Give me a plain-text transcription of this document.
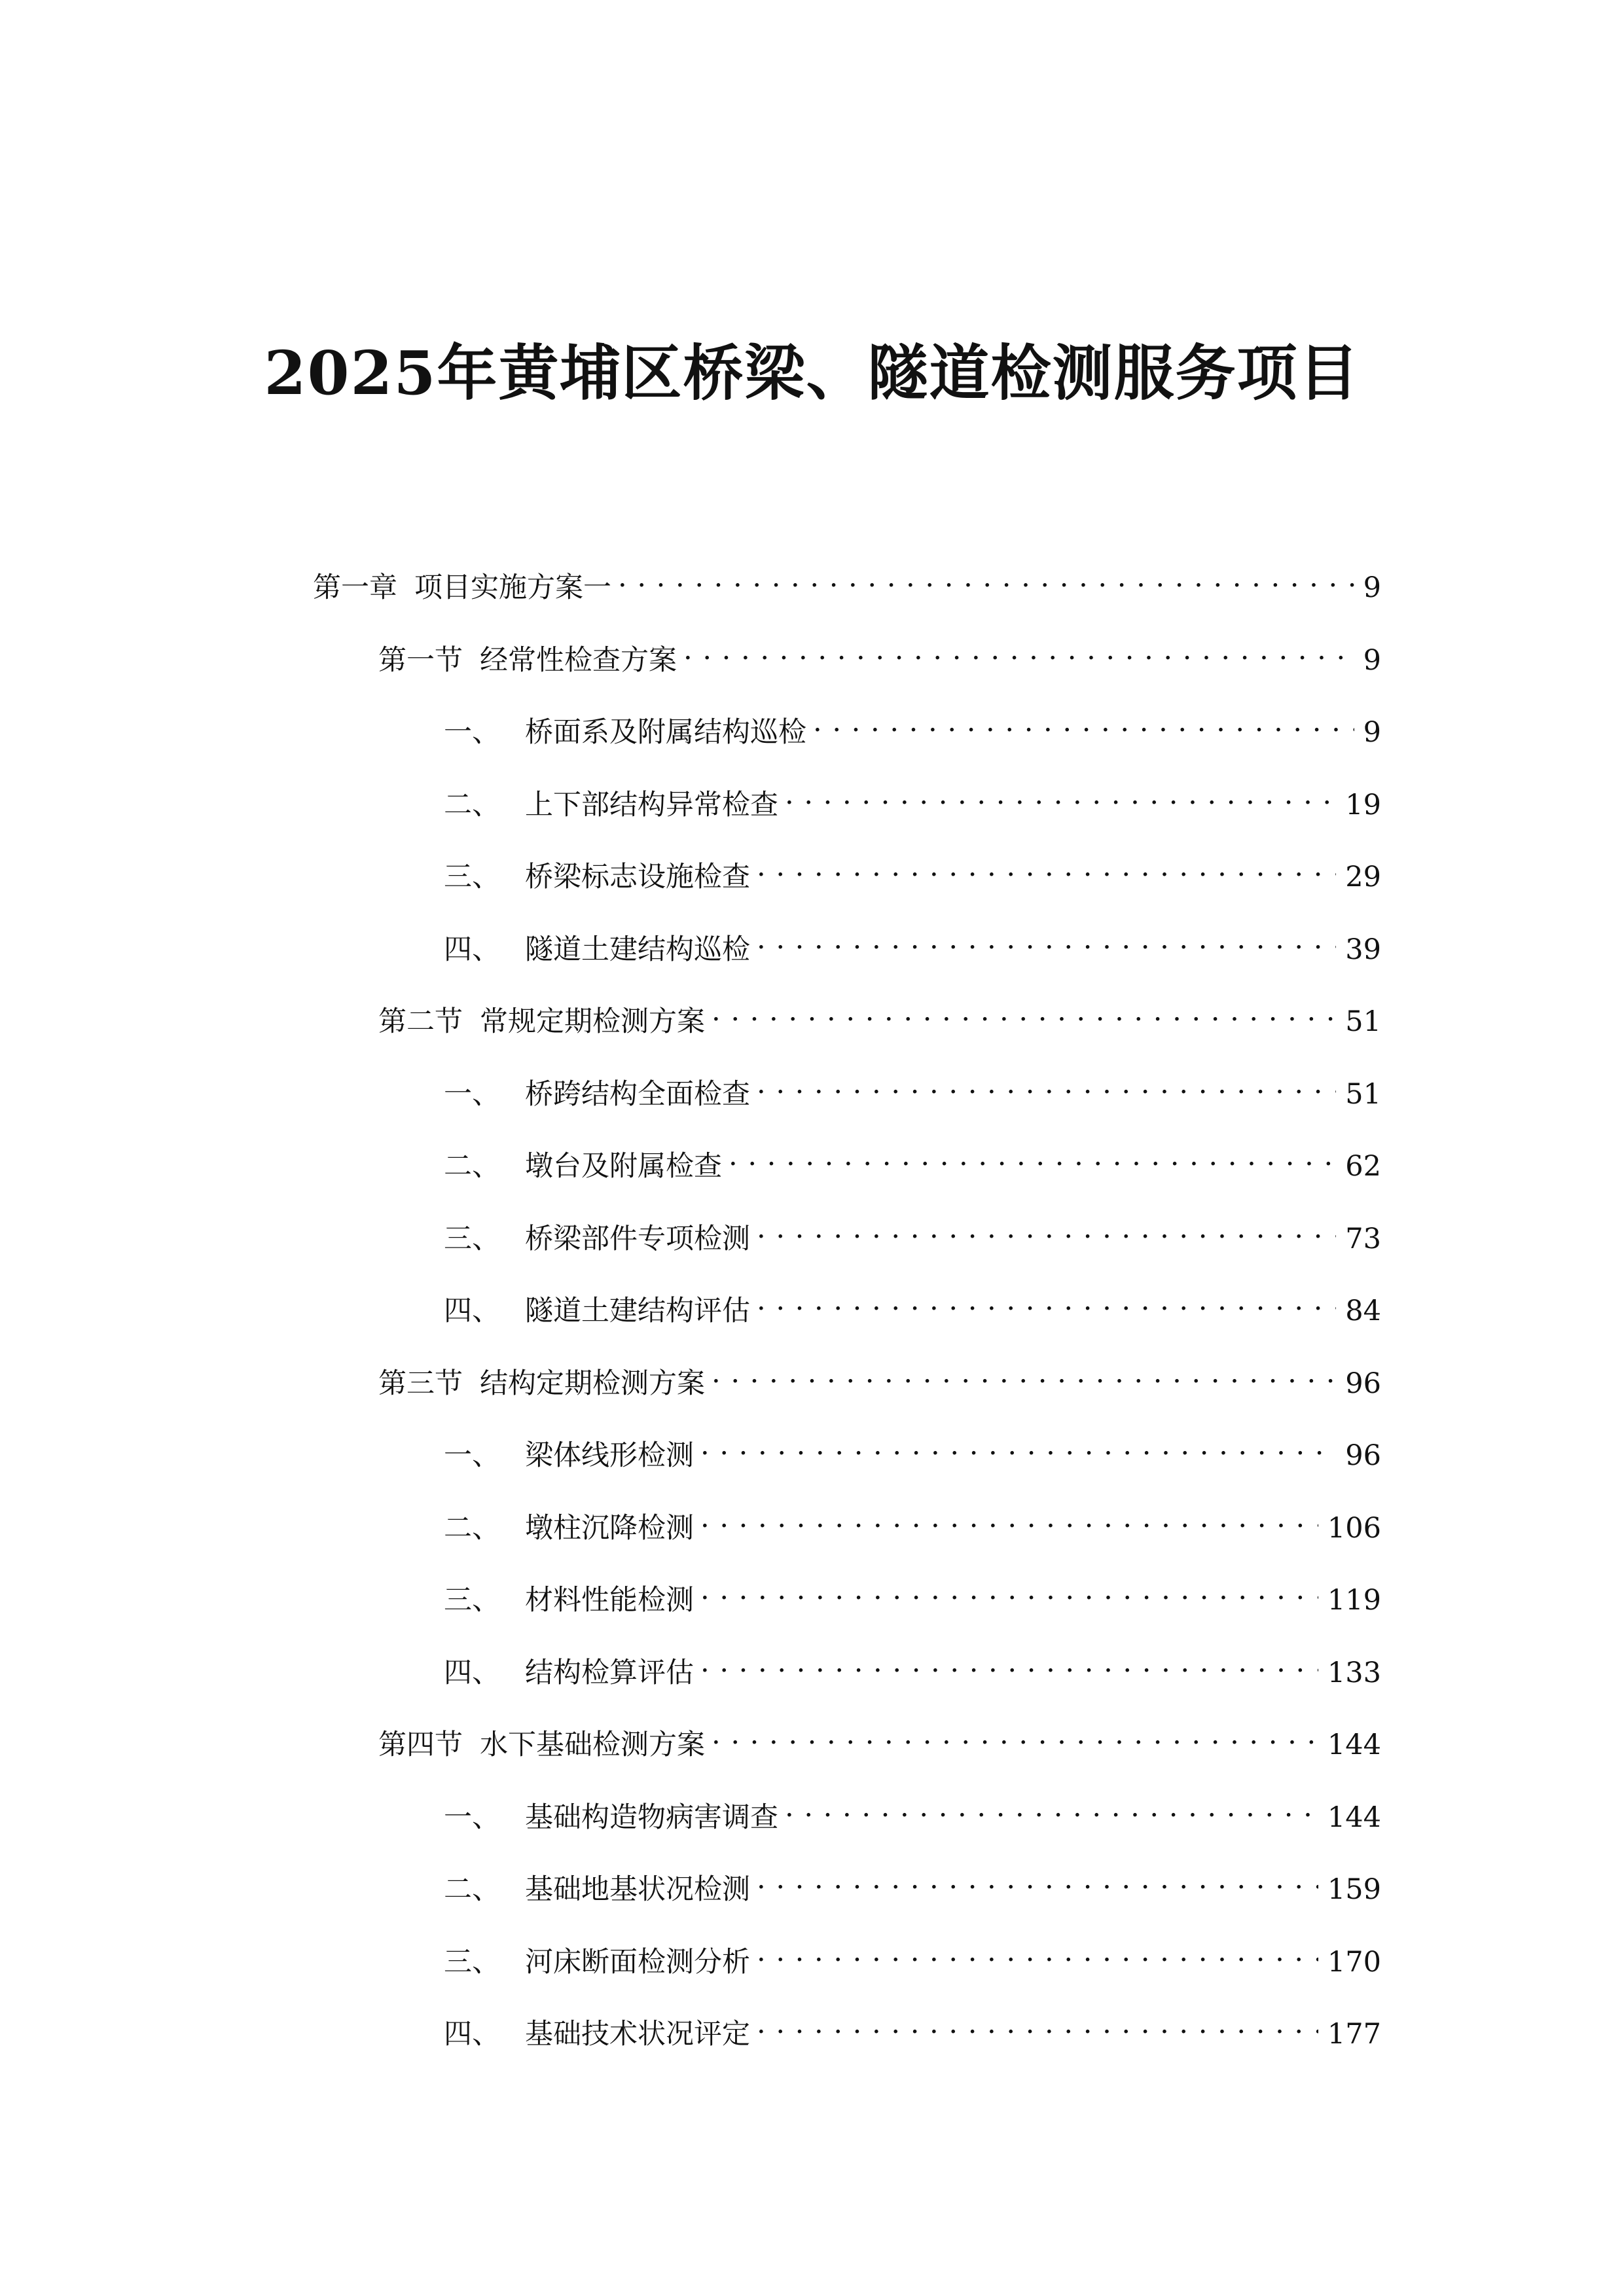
2025年黄埔区桥梁、隧道检测服务项目
第一章 项目实施方案一 . . .	9
第一节 经常性检查方案 . . .	9
一、 桥面系及附属结构巡检 . . .	9
二、 上下部结构异常检查 . . .	19
三、 桥梁标志设施检查 . . .	29
四、 隧道土建结构巡检 . . .	39
第二节 常规定期检测方案 . . .	51
一、 桥跨结构全面检查 . . .	51
二、 墩台及附属检查 . . .	62
三、 桥梁部件专项检测 . . .	73
四、 隧道土建结构评估 . . .	84
第三节 结构定期检测方案 . . .	96
一、 梁体线形检测 . . .	96
二、 墩柱沉降检测 . . .	106
三、 材料性能检测 . . .	119
四、 结构检算评估 . . .	133
第四节 水下基础检测方案 . . .	144
一、 基础构造物病害调查 . . .	144
二、 基础地基状况检测 . . .	159
三、 河床断面检测分析 . . .	170
四、 基础技术状况评定 . . .	177
